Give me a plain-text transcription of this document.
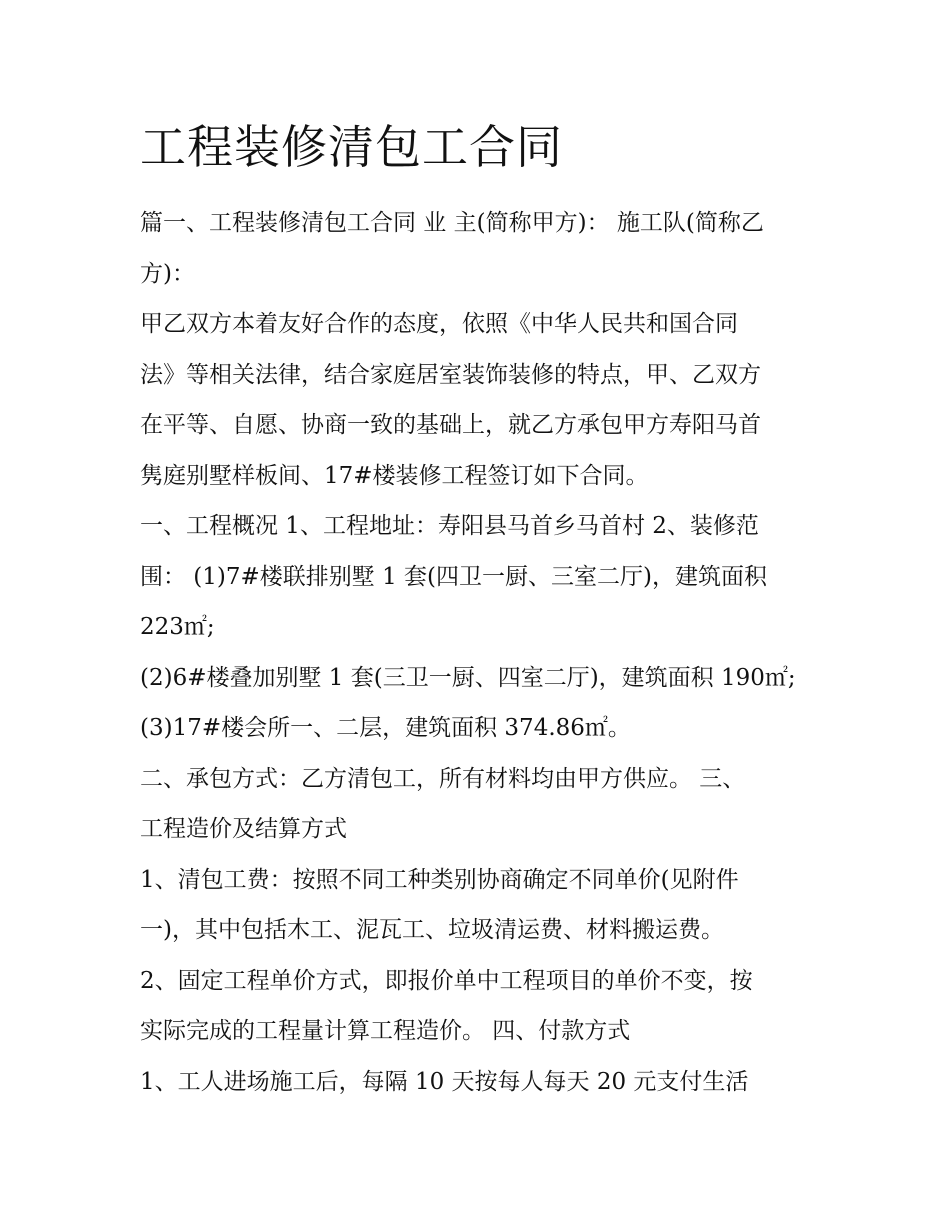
工程装修清包工合同
篇一、工程装修清包工合同 业 主(简称甲方)： 施工队(简称乙
方)：
甲乙双方本着友好合作的态度，依照《中华人民共和国合同
法》等相关法律，结合家庭居室装饰装修的特点，甲、乙双方
在平等、自愿、协商一致的基础上，就乙方承包甲方寿阳马首
隽庭别墅样板间、17#楼装修工程签订如下合同。
一、工程概况 1、工程地址：寿阳县马首乡马首村 2、装修范
围： (1)7#楼联排别墅 1 套(四卫一厨、三室二厅)，建筑面积
223㎡;
(2)6#楼叠加别墅 1 套(三卫一厨、四室二厅)，建筑面积 190㎡;
(3)17#楼会所一、二层，建筑面积 374.86㎡。
二、承包方式：乙方清包工，所有材料均由甲方供应。 三、
工程造价及结算方式
1、清包工费：按照不同工种类别协商确定不同单价(见附件
一)，其中包括木工、泥瓦工、垃圾清运费、材料搬运费。
2、固定工程单价方式，即报价单中工程项目的单价不变，按
实际完成的工程量计算工程造价。 四、付款方式
1、工人进场施工后，每隔 10 天按每人每天 20 元支付生活
